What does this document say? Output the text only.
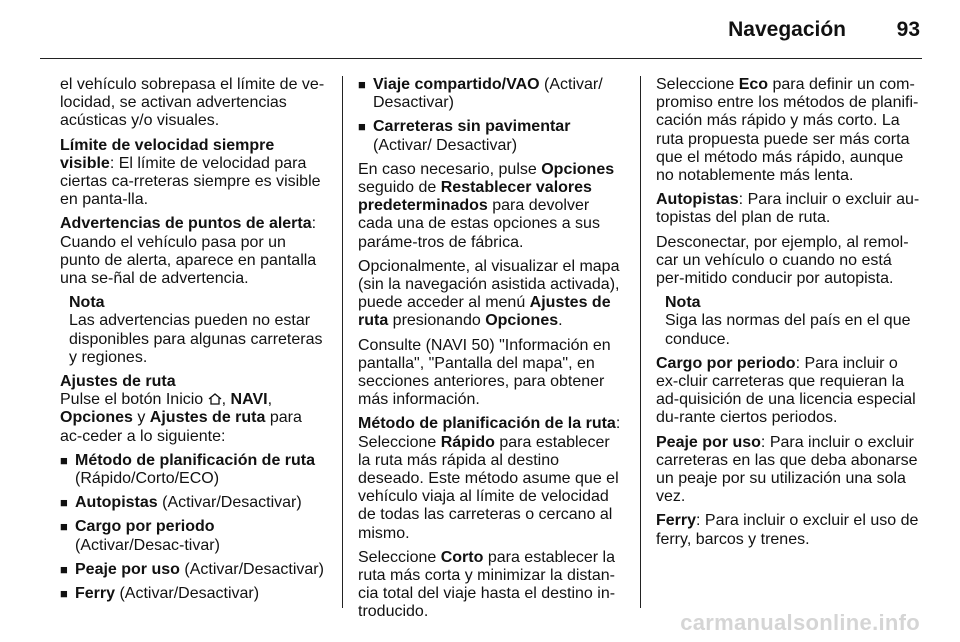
Navegación 93

el vehículo sobrepasa el límite de ve-locidad, se activan advertencias acústicas y/o visuales.

Límite de velocidad siempre visible: El límite de velocidad para ciertas ca-rreteras siempre es visible en panta-lla.

Advertencias de puntos de alerta: Cuando el vehículo pasa por un punto de alerta, aparece en pantalla una se-ñal de advertencia.

Nota
Las advertencias pueden no estar disponibles para algunas carreteras y regiones.

Ajustes de ruta
Pulse el botón Inicio , NAVI, Opciones y Ajustes de ruta para ac-ceder a lo siguiente:

■ Método de planificación de ruta (Rápido/Corto/ECO)
■ Autopistas (Activar/Desactivar)
■ Cargo por periodo (Activar/Desac-tivar)
■ Peaje por uso (Activar/Desactivar)
■ Ferry (Activar/Desactivar)
■ Viaje compartido/VAO (Activar/ Desactivar)
■ Carreteras sin pavimentar (Activar/ Desactivar)

En caso necesario, pulse Opciones seguido de Restablecer valores predeterminados para devolver cada una de estas opciones a sus paráme-tros de fábrica.

Opcionalmente, al visualizar el mapa (sin la navegación asistida activada), puede acceder al menú Ajustes de ruta presionando Opciones.

Consulte (NAVI 50) "Información en pantalla", "Pantalla del mapa", en secciones anteriores, para obtener más información.

Método de planificación de la ruta: Seleccione Rápido para establecer la ruta más rápida al destino deseado. Este método asume que el vehículo viaja al límite de velocidad de todas las carreteras o cercano al mismo.

Seleccione Corto para establecer la ruta más corta y minimizar la distan-cia total del viaje hasta el destino in-troducido.

Seleccione Eco para definir un com-promiso entre los métodos de planifi-cación más rápido y más corto. La ruta propuesta puede ser más corta que el método más rápido, aunque no notablemente más lenta.

Autopistas: Para incluir o excluir au-topistas del plan de ruta.

Desconectar, por ejemplo, al remol-car un vehículo o cuando no está per-mitido conducir por autopista.

Nota
Siga las normas del país en el que conduce.

Cargo por periodo: Para incluir o ex-cluir carreteras que requieran la ad-quisición de una licencia especial du-rante ciertos periodos.

Peaje por uso: Para incluir o excluir carreteras en las que deba abonarse un peaje por su utilización una sola vez.

Ferry: Para incluir o excluir el uso de ferry, barcos y trenes.

carmanualsonline.info
